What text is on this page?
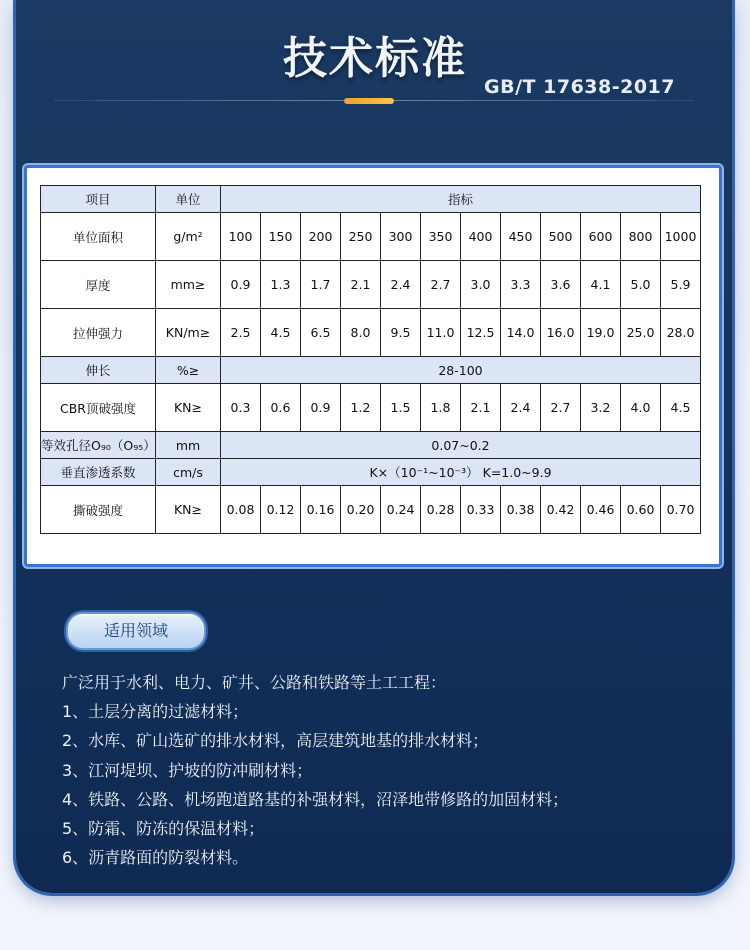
技术标准
GB/T 17638-2017
项目	单位	指标											
单位面积	g/m²	100	150	200	250	300	350	400	450	500	600	800	1000
厚度	mm≥	0.9	1.3	1.7	2.1	2.4	2.7	3.0	3.3	3.6	4.1	5.0	5.9
拉伸强力	KN/m≥	2.5	4.5	6.5	8.0	9.5	11.0	12.5	14.0	16.0	19.0	25.0	28.0
伸长	%≥	28-100											
CBR顶破强度	KN≥	0.3	0.6	0.9	1.2	1.5	1.8	2.1	2.4	2.7	3.2	4.0	4.5
等效孔径O₉₀（O₉₅）	mm	0.07~0.2											
垂直渗透系数	cm/s	K×（10⁻¹~10⁻³） K=1.0~9.9											
撕破强度	KN≥	0.08	0.12	0.16	0.20	0.24	0.28	0.33	0.38	0.42	0.46	0.60	0.70
适用领域
广泛用于水利、电力、矿井、公路和铁路等土工工程：
1、土层分离的过滤材料；
2、水库、矿山选矿的排水材料，高层建筑地基的排水材料；
3、江河堤坝、护坡的防冲刷材料；
4、铁路、公路、机场跑道路基的补强材料，沼泽地带修路的加固材料；
5、防霜、防冻的保温材料；
6、沥青路面的防裂材料。
